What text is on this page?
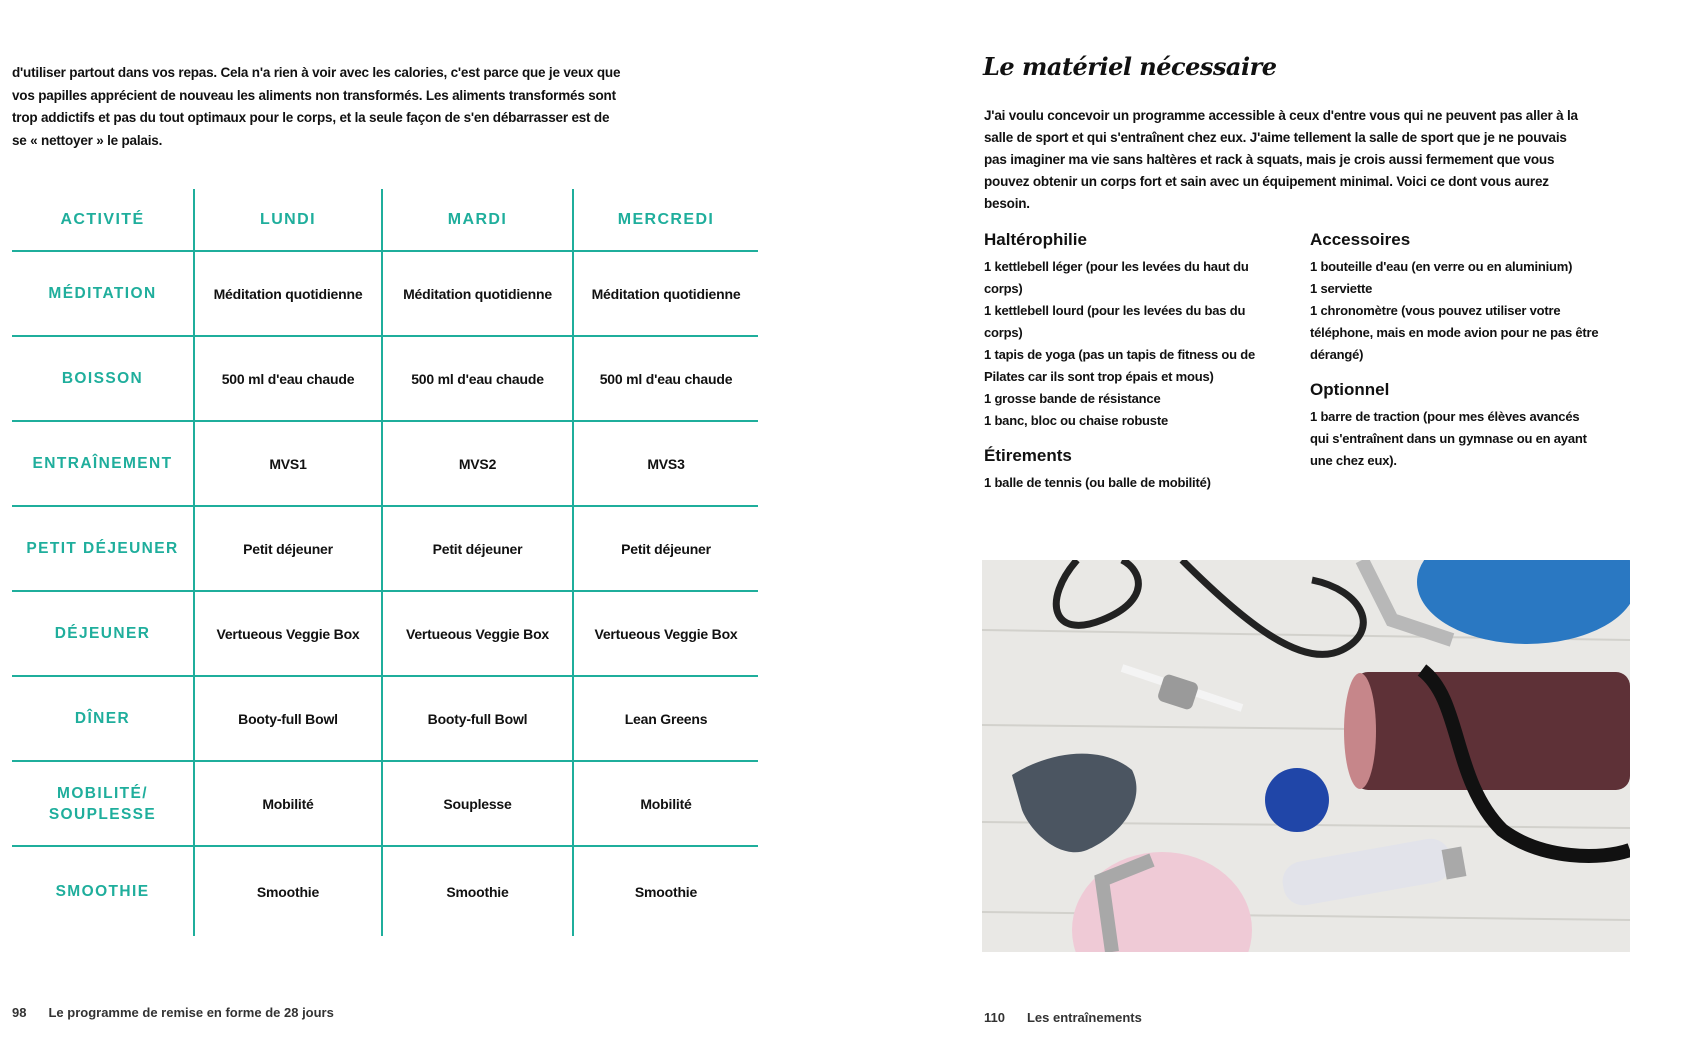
d'utiliser partout dans vos repas. Cela n'a rien à voir avec les calories, c'est parce que je veux que vos papilles apprécient de nouveau les aliments non transformés. Les aliments transformés sont trop addictifs et pas du tout optimaux pour le corps, et la seule façon de s'en débarrasser est de se « nettoyer » le palais.

ACTIVITÉ	LUNDI	MARDI	MERCREDI
MÉDITATION	Méditation quotidienne	Méditation quotidienne	Méditation quotidienne
BOISSON	500 ml d'eau chaude	500 ml d'eau chaude	500 ml d'eau chaude
ENTRAÎNEMENT	MVS1	MVS2	MVS3
PETIT DÉJEUNER	Petit déjeuner	Petit déjeuner	Petit déjeuner
DÉJEUNER	Vertueous Veggie Box	Vertueous Veggie Box	Vertueous Veggie Box
DÎNER	Booty-full Bowl	Booty-full Bowl	Lean Greens
MOBILITÉ/
SOUPLESSE	Mobilité	Souplesse	Mobilité
SMOOTHIE	Smoothie	Smoothie	Smoothie
98 Le programme de remise en forme de 28 jours
Le matériel nécessaire

J'ai voulu concevoir un programme accessible à ceux d'entre vous qui ne peuvent pas aller à la salle de sport et qui s'entraînent chez eux. J'aime tellement la salle de sport que je ne pouvais pas imaginer ma vie sans haltères et rack à squats, mais je crois aussi fermement que vous pouvez obtenir un corps fort et sain avec un équipement minimal. Voici ce dont vous aurez besoin.

Haltérophilie
1 kettlebell léger (pour les levées du haut du corps)
1 kettlebell lourd (pour les levées du bas du corps)
1 tapis de yoga (pas un tapis de fitness ou de Pilates car ils sont trop épais et mous)
1 grosse bande de résistance
1 banc, bloc ou chaise robuste
Étirements
1 balle de tennis (ou balle de mobilité)
Accessoires
1 bouteille d'eau (en verre ou en aluminium)
1 serviette
1 chronomètre (vous pouvez utiliser votre téléphone, mais en mode avion pour ne pas être dérangé)
Optionnel
1 barre de traction (pour mes élèves avancés qui s'entraînent dans un gymnase ou en ayant une chez eux).
110 Les entraînements
